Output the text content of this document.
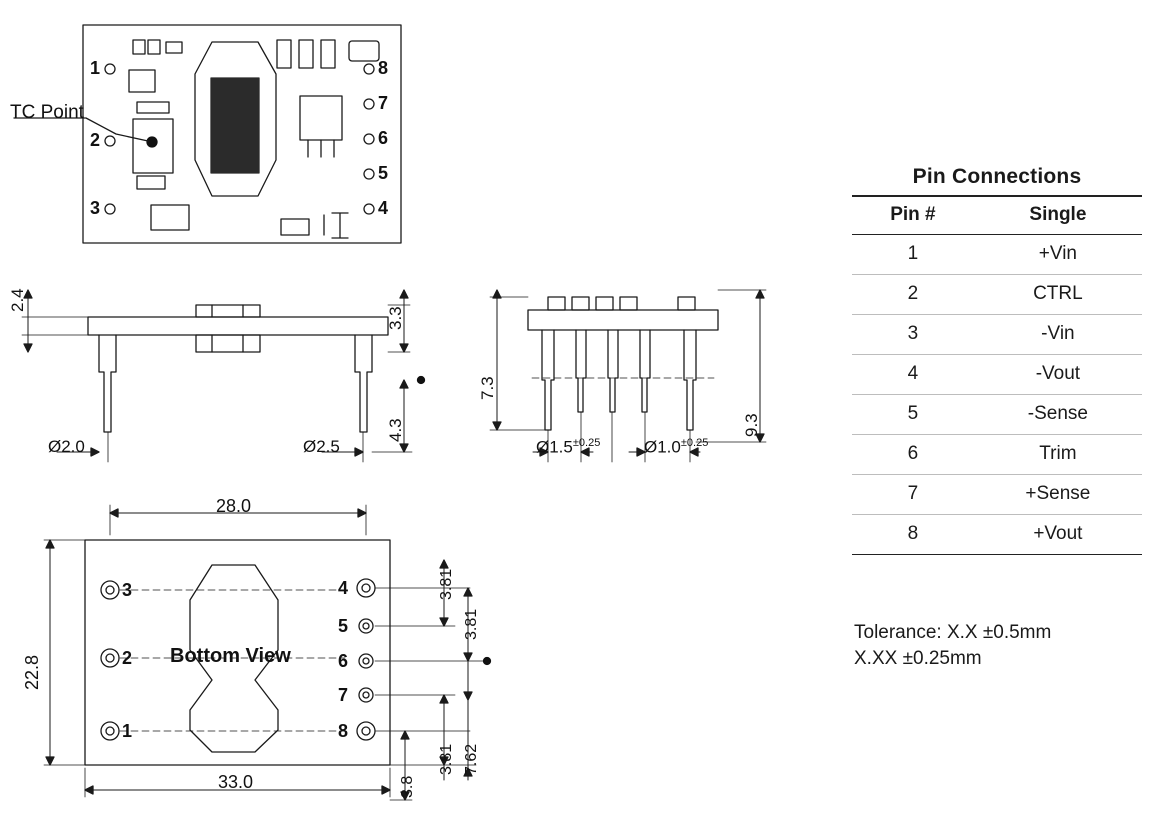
TC Point
1
2
3
8
7
6
5
4
2.4
3.3
4.3
Ø2.0	Ø2.5
7.3
9.3
$Ø1.5^{\pm 0.25}$	$Ø1.0^{\pm 0.25}$
Bottom View
3
2
1
4
5
6
7
8
28.0
33.0
22.8
3.81
3.81
3.81 7.62
3.8
Pin Connections
Pin #	Single
1	+Vin
2	CTRL
3	-Vin
4	-Vout
5	-Sense
6	Trim
7	+Sense
8	+Vout
Tolerance: X.X ±0.5mm
X.XX ±0.25mm
